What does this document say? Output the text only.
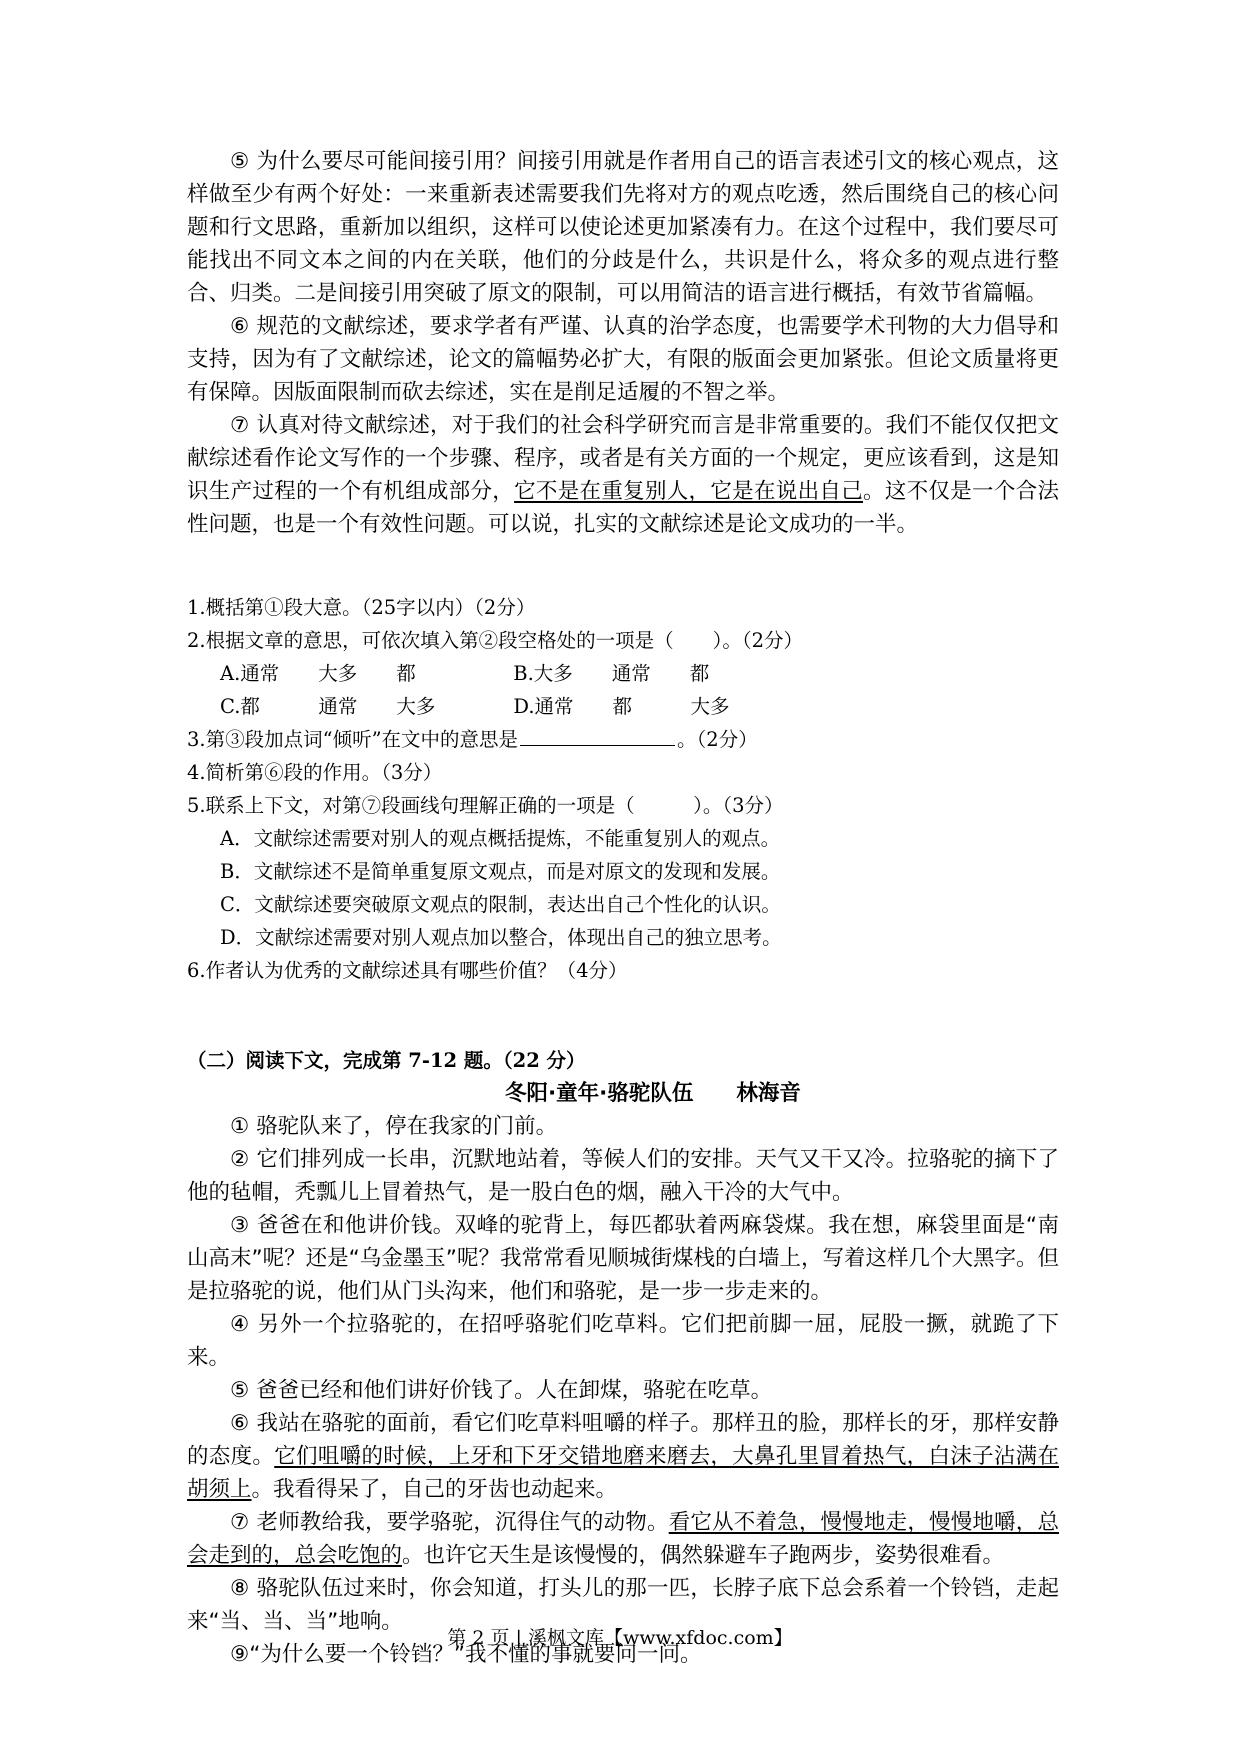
⑤ 为什么要尽可能间接引用？间接引用就是作者用自己的语言表述引文的核心观点，这样做至少有两个好处：一来重新表述需要我们先将对方的观点吃透，然后围绕自己的核心问题和行文思路，重新加以组织，这样可以使论述更加紧凑有力。在这个过程中，我们要尽可能找出不同文本之间的内在关联，他们的分歧是什么，共识是什么，将众多的观点进行整合、归类。二是间接引用突破了原文的限制，可以用简洁的语言进行概括，有效节省篇幅。

⑥ 规范的文献综述，要求学者有严谨、认真的治学态度，也需要学术刊物的大力倡导和支持，因为有了文献综述，论文的篇幅势必扩大，有限的版面会更加紧张。但论文质量将更有保障。因版面限制而砍去综述，实在是削足适履的不智之举。

⑦ 认真对待文献综述，对于我们的社会科学研究而言是非常重要的。我们不能仅仅把文献综述看作论文写作的一个步骤、程序，或者是有关方面的一个规定，更应该看到，这是知识生产过程的一个有机组成部分，它不是在重复别人，它是在说出自己。这不仅是一个合法性问题，也是一个有效性问题。可以说，扎实的文献综述是论文成功的一半。

1.概括第①段大意。（25字以内）（2分）

2.根据文章的意思，可依次填入第②段空格处的一项是（　　）。（2分）

A.通常　　大多　　都　　　　　B.大多　　通常　　都

C.都　　　通常　　大多　　　　D.通常　　都　　　大多

3.第③段加点词“倾听”在文中的意思是	。（2分）

4.简析第⑥段的作用。（3分）

5.联系上下文，对第⑦段画线句理解正确的一项是（　　　）。（3分）

A．文献综述需要对别人的观点概括提炼，不能重复别人的观点。

B．文献综述不是简单重复原文观点，而是对原文的发现和发展。

C．文献综述要突破原文观点的限制，表达出自己个性化的认识。

D．文献综述需要对别人观点加以整合，体现出自己的独立思考。

6.作者认为优秀的文献综述具有哪些价值？（4分）

（二）阅读下文，完成第 7-12 题。（22 分）

冬阳·童年·骆驼队伍　　林海音

① 骆驼队来了，停在我家的门前。

② 它们排列成一长串，沉默地站着，等候人们的安排。天气又干又冷。拉骆驼的摘下了他的毡帽，秃瓢儿上冒着热气，是一股白色的烟，融入干冷的大气中。

③ 爸爸在和他讲价钱。双峰的驼背上，每匹都驮着两麻袋煤。我在想，麻袋里面是“南山高末”呢？还是“乌金墨玉”呢？我常常看见顺城街煤栈的白墙上，写着这样几个大黑字。但是拉骆驼的说，他们从门头沟来，他们和骆驼，是一步一步走来的。

④ 另外一个拉骆驼的，在招呼骆驼们吃草料。它们把前脚一屈，屁股一撅，就跪了下来。

⑤ 爸爸已经和他们讲好价钱了。人在卸煤，骆驼在吃草。

⑥ 我站在骆驼的面前，看它们吃草料咀嚼的样子。那样丑的脸，那样长的牙，那样安静的态度。它们咀嚼的时候，上牙和下牙交错地磨来磨去，大鼻孔里冒着热气，白沫子沾满在胡须上。我看得呆了，自己的牙齿也动起来。

⑦ 老师教给我，要学骆驼，沉得住气的动物。看它从不着急，慢慢地走，慢慢地嚼，总会走到的，总会吃饱的。也许它天生是该慢慢的，偶然躲避车子跑两步，姿势很难看。

⑧ 骆驼队伍过来时，你会知道，打头儿的那一匹，长脖子底下总会系着一个铃铛，走起来“当、当、当”地响。

⑨“为什么要一个铃铛？”我不懂的事就要问一问。

第 2 页 | 溪枫文库【www.xfdoc.com】
